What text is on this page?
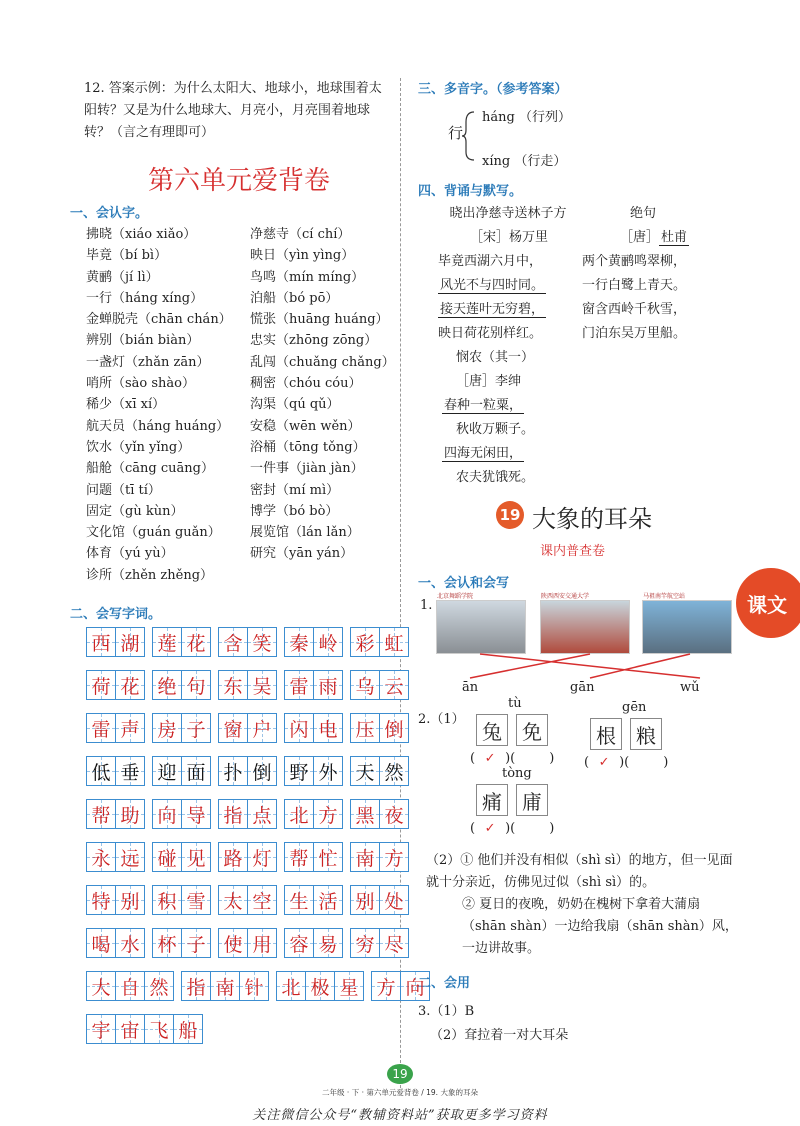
12. 答案示例：为什么太阳大、地球小，地球围着太阳转？又是为什么地球大、月亮小，月亮围着地球转？（言之有理即可）
第六单元爱背卷
一、会认字。
拂晓（xiáo xiǎo）
毕竟（bí bì）
黄鹂（jí lì）
一行（háng xíng）
金蝉脱壳（chān chán）
辨别（bián biàn）
一盏灯（zhǎn zān）
哨所（sào shào）
稀少（xī xí）
航天员（háng huáng）
饮水（yǐn yǐng）
船舱（cāng cuāng）
问题（tī tí）
固定（gù kùn）
文化馆（guán guǎn）
体育（yú yù）
诊所（zhěn zhěng）
净慈寺（cí chí）
映日（yìn yìng）
鸟鸣（mín míng）
泊船（bó pō）
慌张（huāng huáng）
忠实（zhōng zōng）
乱闯（chuǎng chǎng）
稠密（chóu cóu）
沟渠（qú qǔ）
安稳（wēn wěn）
浴桶（tōng tǒng）
一件事（jiàn jàn）
密封（mí mì）
博学（bó bò）
展览馆（lán lǎn）
研究（yān yán）
二、会写字词。
西 湖 莲 花 含 笑 秦 岭 彩 虹
荷 花 绝 句 东 吴 雷 雨 乌 云
雷 声 房 子 窗 户 闪 电 压 倒
低 垂 迎 面 扑 倒 野 外 天 然
帮 助 向 导 指 点 北 方 黑 夜
永 远 碰 见 路 灯 帮 忙 南 方
特 别 积 雪 太 空 生 活 别 处
喝 水 杯 子 使 用 容 易 穷 尽
大 自 然 指 南 针 北 极 星 方 向
宇 宙 飞 船
三、多音字。（参考答案）
行
háng （行列）
xíng （行走）
四、背诵与默写。
晓出净慈寺送林子方
［宋］杨万里
毕竟西湖六月中，
风光不与四时同。
接天莲叶无穷碧，
映日荷花别样红。
绝句
［唐］ 杜甫
两个黄鹂鸣翠柳，
一行白鹭上青天。
窗含西岭千秋雪，
门泊东吴万里船。
悯农（其一）
［唐］李绅
春种一粒粟，
秋收万颗子。
四海无闲田，
农夫犹饿死。
19 大象的耳朵
课内普查卷
一、会认和会写
1.
北京舞蹈学院	陕西西安交通大学	马祖南竿航空站
ān	gān	wǔ
2.（1）
tù
兔	免
( ✓ )(	)
gēn
根	粮
( ✓ )(	)
tòng
痛	庯
( ✓ )(	)
（2）① 他们并没有相似（shì sì）的地方，但一见面就十分亲近，仿佛见过似（shì sì）的。
② 夏日的夜晚，奶奶在槐树下拿着大蒲扇（shān shàn）一边给我扇（shān shàn）风，一边讲故事。
二、会用
3.（1）B
（2）耷拉着一对大耳朵
课文
19
二年级 · 下 · 第六单元爱背卷 / 19. 大象的耳朵
关注微信公众号“教辅资料站”获取更多学习资料
